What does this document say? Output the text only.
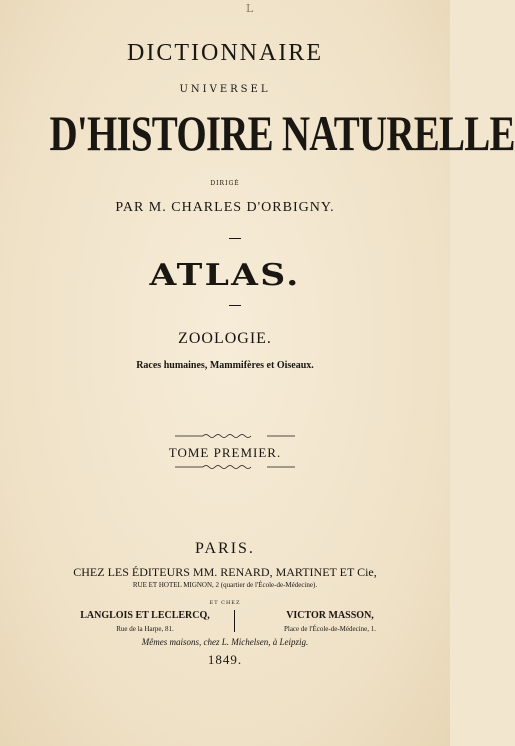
L
DICTIONNAIRE
UNIVERSEL
D'HISTOIRE NATURELLE
DIRIGÉ
PAR M. CHARLES D'ORBIGNY.
ATLAS.
ZOOLOGIE.
Races humaines, Mammifères et Oiseaux.
TOME PREMIER.
PARIS.
CHEZ LES ÉDITEURS MM. RENARD, MARTINET ET Cie,
RUE ET HOTEL MIGNON, 2 (quartier de l'École-de-Médecine).
ET CHEZ
LANGLOIS ET LECLERCQ,
Rue de la Harpe, 81.
VICTOR MASSON,
Place de l'École-de-Médecine, 1.
Mêmes maisons, chez L. Michelsen, à Leipzig.
1849.
